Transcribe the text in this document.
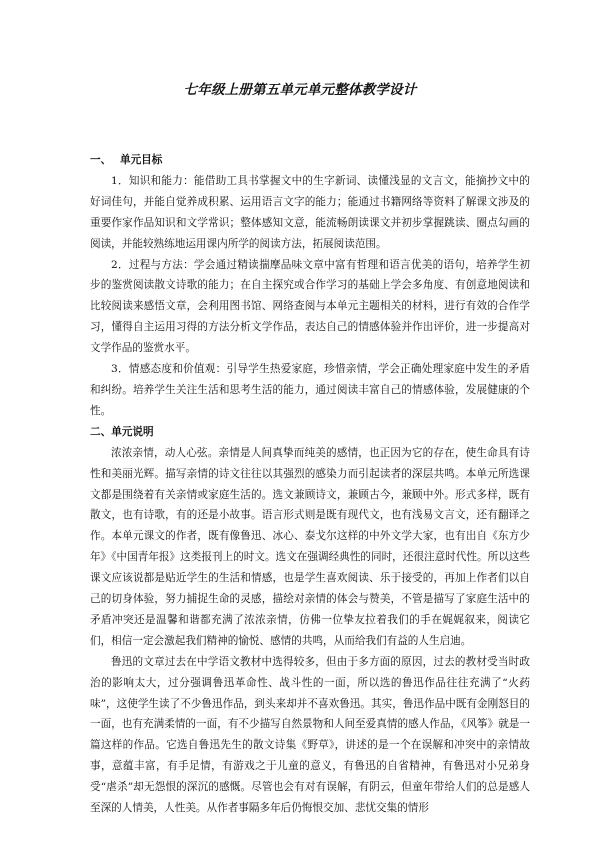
七年级上册第五单元单元整体教学设计

一、 单元目标

1．知识和能力：能借助工具书掌握文中的生字新词、读懂浅显的文言文，能摘抄文中的好词佳句，并能自觉养成积累、运用语言文字的能力；能通过书籍网络等资料了解课文涉及的重要作家作品知识和文学常识；整体感知文意，能流畅朗读课文并初步掌握跳读、圈点勾画的阅读，并能较熟练地运用课内所学的阅读方法，拓展阅读范围。

2．过程与方法：学会通过精读揣摩品味文章中富有哲理和语言优美的语句，培养学生初步的鉴赏阅读散文诗歌的能力；在自主探究或合作学习的基础上学会多角度、有创意地阅读和比较阅读来感悟文章，会利用图书馆、网络查阅与本单元主题相关的材料，进行有效的合作学习，懂得自主运用习得的方法分析文学作品，表达自己的情感体验并作出评价，进一步提高对文学作品的鉴赏水平。

3．情感态度和价值观：引导学生热爱家庭，珍惜亲情，学会正确处理家庭中发生的矛盾和纠纷。培养学生关注生活和思考生活的能力，通过阅读丰富自己的情感体验，发展健康的个性。

二、单元说明

浓浓亲情，动人心弦。亲情是人间真挚而纯美的感情，也正因为它的存在，使生命具有诗性和美丽光辉。描写亲情的诗文往往以其强烈的感染力而引起读者的深层共鸣。本单元所选课文都是围绕着有关亲情或家庭生活的。选文兼顾诗文，兼顾古今，兼顾中外。形式多样，既有散文，也有诗歌，有的还是小故事。语言形式则是既有现代文，也有浅易文言文，还有翻译之作。本单元课文的作者，既有像鲁迅、冰心、泰戈尔这样的中外文学大家，也有出自《东方少年》《中国青年报》这类报刊上的时文。选文在强调经典性的同时，还很注意时代性。所以这些课文应该说都是贴近学生的生活和情感，也是学生喜欢阅读、乐于接受的，再加上作者们以自己的切身体验，努力捕捉生命的灵感，描绘对亲情的体会与赞美，不管是描写了家庭生活中的矛盾冲突还是温馨和谐都充满了浓浓亲情，仿佛一位挚友拉着我们的手在娓娓叙来，阅读它们，相信一定会激起我们精神的愉悦、感情的共鸣，从而给我们有益的人生启迪。

鲁迅的文章过去在中学语文教材中选得较多，但由于多方面的原因，过去的教材受当时政治的影响太大，过分强调鲁迅革命性、战斗性的一面，所以选的鲁迅作品往往充满了“火药味”，这使学生读了不少鲁迅作品，到头来却并不喜欢鲁迅。其实，鲁迅作品中既有金刚怒目的一面，也有充满柔情的一面，有不少描写自然景物和人间至爱真情的感人作品，《风筝》就是一篇这样的作品。它选自鲁迅先生的散文诗集《野草》，讲述的是一个在误解和冲突中的亲情故事，意蕴丰富，有手足情，有游戏之于儿童的意义，有鲁迅的自省精神，有鲁迅对小兄弟身受“虐杀”却无怨恨的深沉的感慨。尽管也会有对有误解，有阴云，但童年带给人们的总是感人至深的人情美，人性美。从作者事隔多年后仍悔恨交加、悲忧交集的情形
